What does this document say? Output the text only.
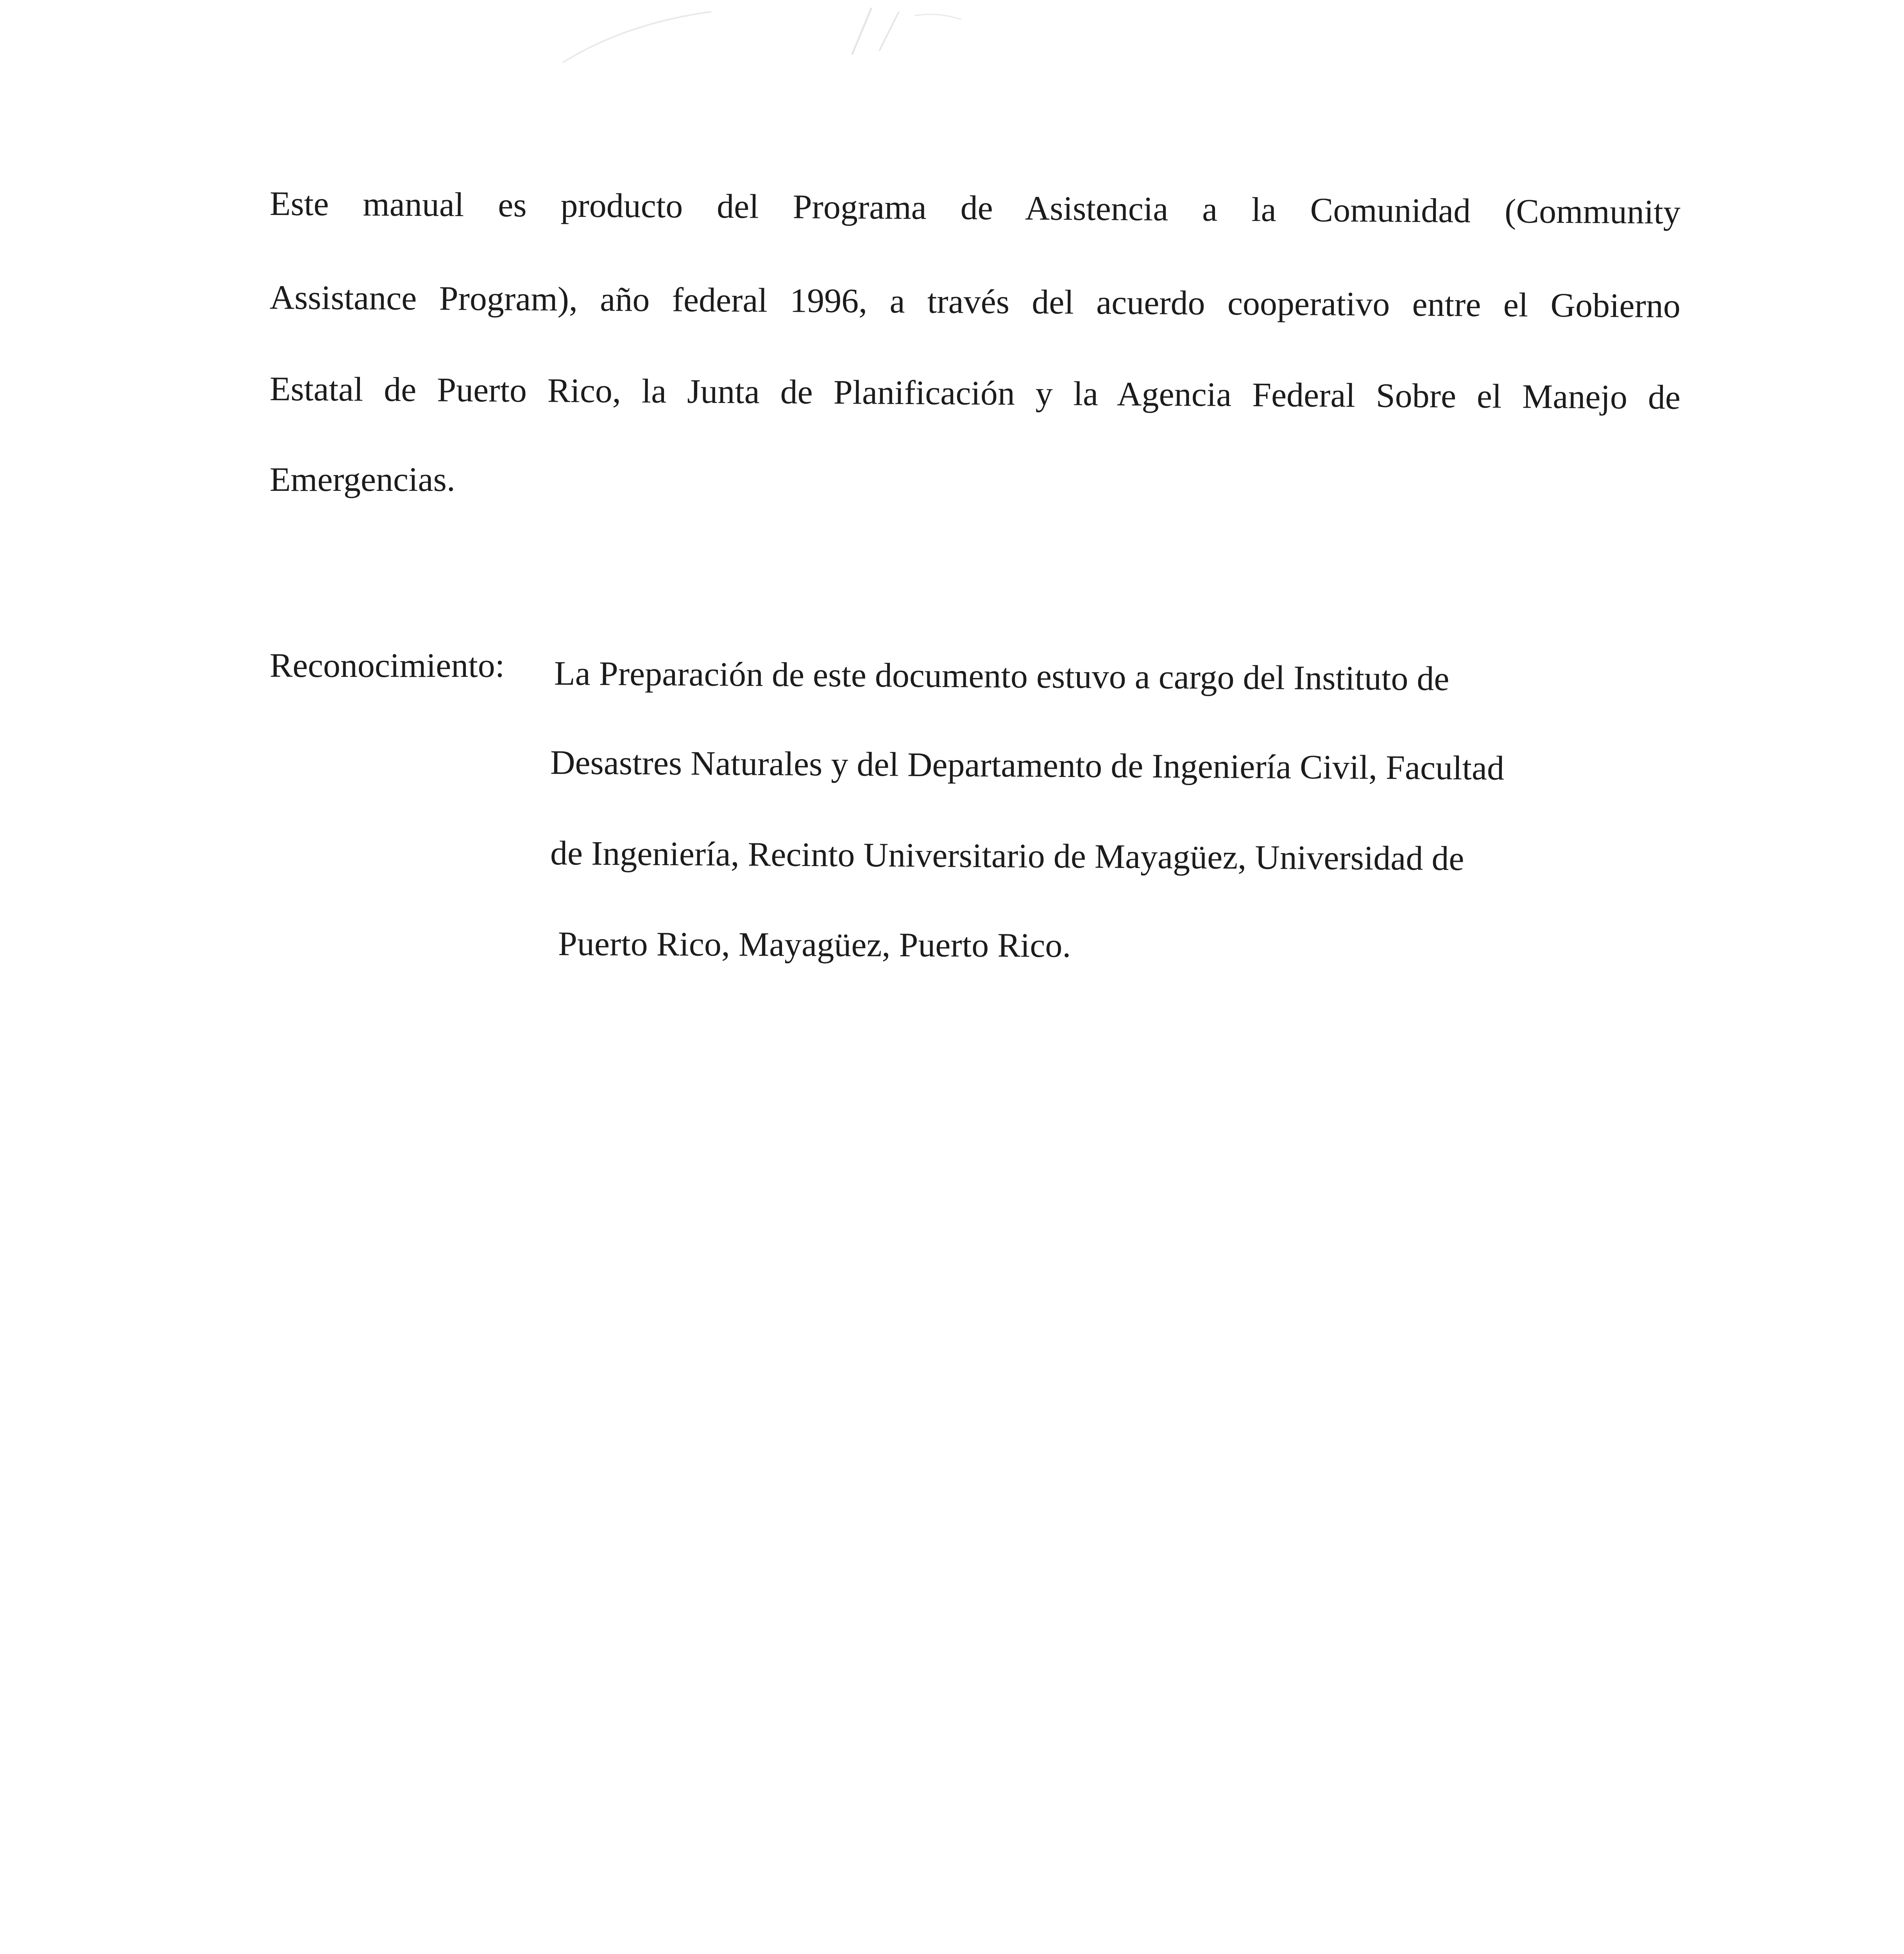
Este manual es producto del Programa de Asistencia a la Comunidad (Community
Assistance Program), año federal 1996, a través del acuerdo cooperativo entre el Gobierno
Estatal de Puerto Rico, la Junta de Planificación y la Agencia Federal Sobre el Manejo de
Emergencias.
Reconocimiento: La Preparación de este documento estuvo a cargo del Instituto de
Desastres Naturales y del Departamento de Ingeniería Civil, Facultad
de Ingeniería, Recinto Universitario de Mayagüez, Universidad de
Puerto Rico, Mayagüez, Puerto Rico.
